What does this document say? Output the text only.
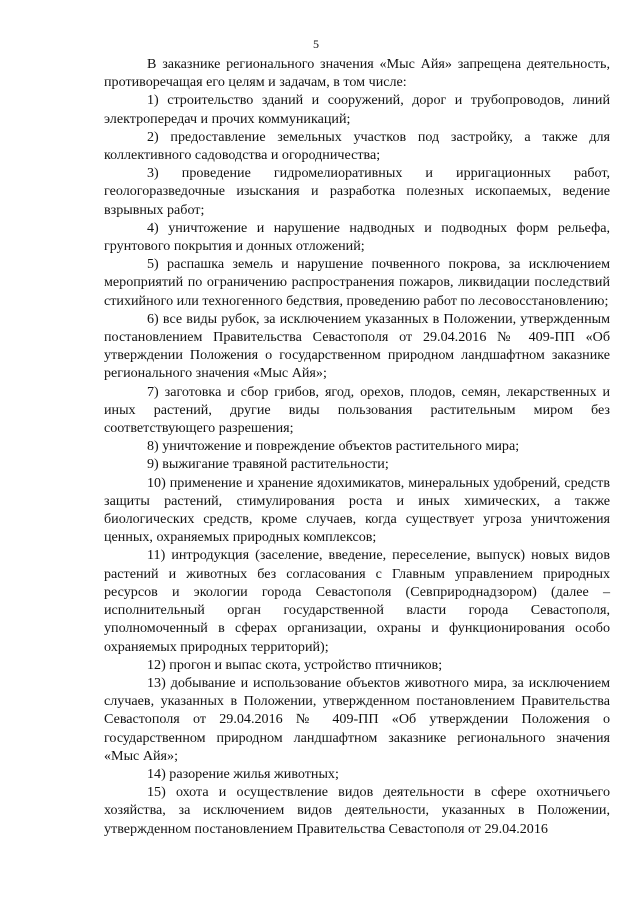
5

В заказнике регионального значения «Мыс Айя» запрещена деятельность, противоречащая его целям и задачам, в том числе:

1) строительство зданий и сооружений, дорог и трубопроводов, линий электропередач и прочих коммуникаций;

2) предоставление земельных участков под застройку, а также для коллективного садоводства и огородничества;

3) проведение гидромелиоративных и ирригационных работ, геологоразведочные изыскания и разработка полезных ископаемых, ведение взрывных работ;

4) уничтожение и нарушение надводных и подводных форм рельефа, грунтового покрытия и донных отложений;

5) распашка земель и нарушение почвенного покрова, за исключением мероприятий по ограничению распространения пожаров, ликвидации последствий стихийного или техногенного бедствия, проведению работ по лесовосстановлению;

6) все виды рубок, за исключением указанных в Положении, утвержденным постановлением Правительства Севастополя от 29.04.2016 № 409-ПП «Об утверждении Положения о государственном природном ландшафтном заказнике регионального значения «Мыс Айя»;

7) заготовка и сбор грибов, ягод, орехов, плодов, семян, лекарственных и иных растений, другие виды пользования растительным миром без соответствующего разрешения;

8) уничтожение и повреждение объектов растительного мира;

9) выжигание травяной растительности;

10) применение и хранение ядохимикатов, минеральных удобрений, средств защиты растений, стимулирования роста и иных химических, а также биологических средств, кроме случаев, когда существует угроза уничтожения ценных, охраняемых природных комплексов;

11) интродукция (заселение, введение, переселение, выпуск) новых видов растений и животных без согласования с Главным управлением природных ресурсов и экологии города Севастополя (Севприроднадзором) (далее – исполнительный орган государственной власти города Севастополя, уполномоченный в сферах организации, охраны и функционирования особо охраняемых природных территорий);

12) прогон и выпас скота, устройство птичников;

13) добывание и использование объектов животного мира, за исключением случаев, указанных в Положении, утвержденном постановлением Правительства Севастополя от 29.04.2016 № 409-ПП «Об утверждении Положения о государственном природном ландшафтном заказнике регионального значения «Мыс Айя»;

14) разорение жилья животных;

15) охота и осуществление видов деятельности в сфере охотничьего хозяйства, за исключением видов деятельности, указанных в Положении, утвержденном постановлением Правительства Севастополя от 29.04.2016
